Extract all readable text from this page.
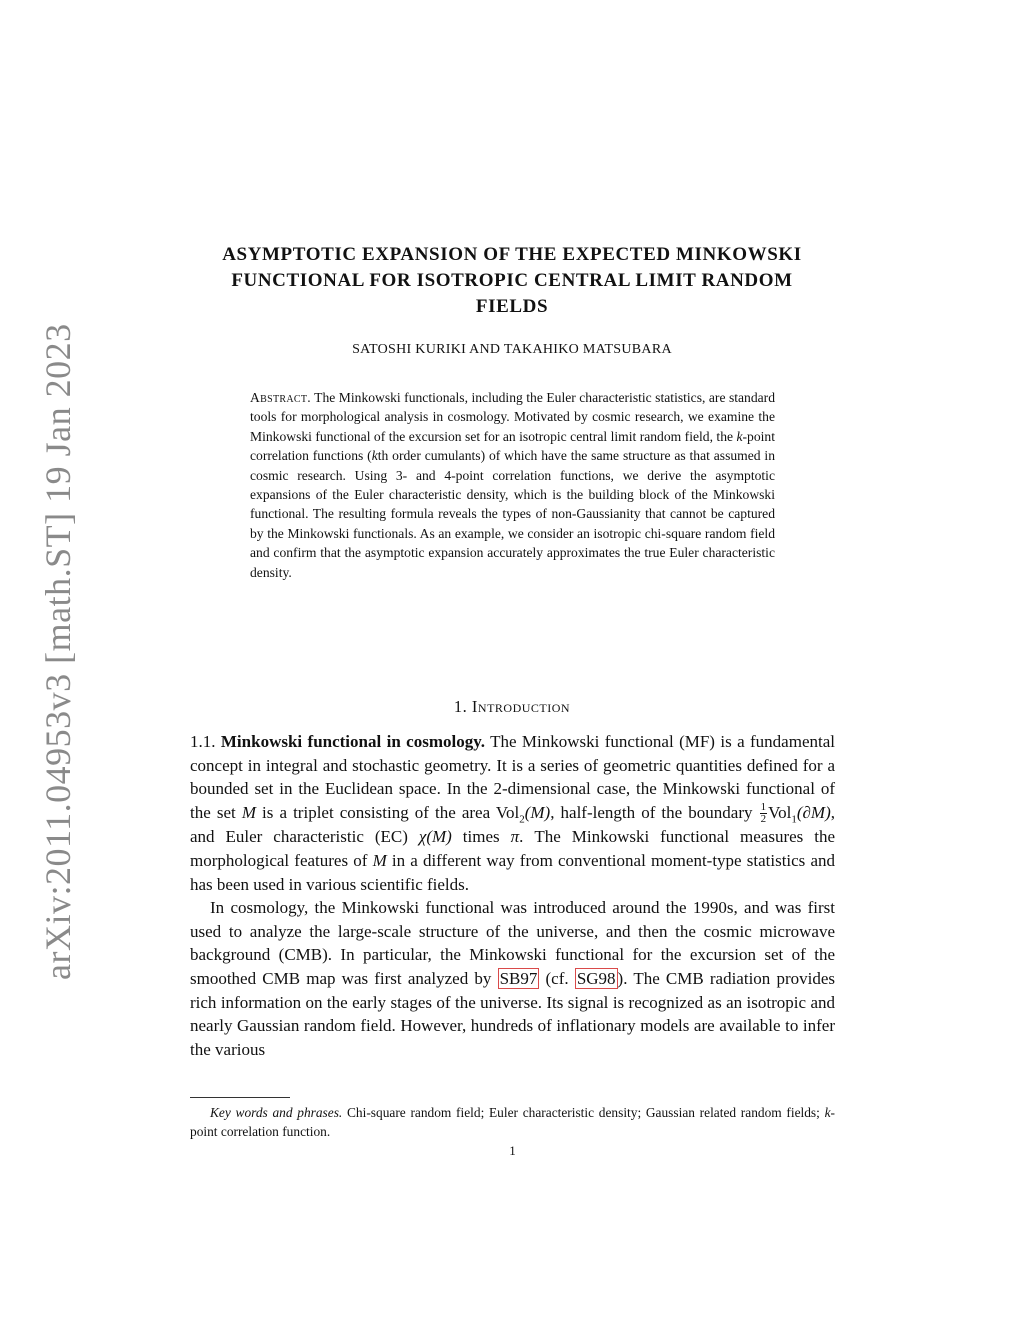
arXiv:2011.04953v3 [math.ST] 19 Jan 2023
ASYMPTOTIC EXPANSION OF THE EXPECTED MINKOWSKI
FUNCTIONAL FOR ISOTROPIC CENTRAL LIMIT RANDOM
FIELDS
SATOSHI KURIKI AND TAKAHIKO MATSUBARA
Abstract. The Minkowski functionals, including the Euler characteristic statistics, are standard tools for morphological analysis in cosmology. Motivated by cosmic research, we examine the Minkowski functional of the excursion set for an isotropic central limit random field, the k-point correlation functions (kth order cumulants) of which have the same structure as that assumed in cosmic research. Using 3- and 4-point correlation functions, we derive the asymptotic expansions of the Euler characteristic density, which is the building block of the Minkowski functional. The resulting formula reveals the types of non-Gaussianity that cannot be captured by the Minkowski functionals. As an example, we consider an isotropic chi-square random field and confirm that the asymptotic expansion accurately approximates the true Euler characteristic density.
1. Introduction

1.1. Minkowski functional in cosmology. The Minkowski functional (MF) is a fundamental concept in integral and stochastic geometry. It is a series of geometric quantities defined for a bounded set in the Euclidean space. In the 2-dimensional case, the Minkowski functional of the set M is a triplet consisting of the area Vol$_2$(M), half-length of the boundary $\frac{1}{2} Vol_1(\partial M)$, and Euler characteristic (EC) χ(M) times π. The Minkowski functional measures the morphological features of M in a different way from conventional moment-type statistics and has been used in various scientific fields.

In cosmology, the Minkowski functional was introduced around the 1990s, and was first used to analyze the large-scale structure of the universe, and then the cosmic microwave background (CMB). In particular, the Minkowski functional for the excursion set of the smoothed CMB map was first analyzed by SB97 (cf. SG98 ). The CMB radiation provides rich information on the early stages of the universe. Its signal is recognized as an isotropic and nearly Gaussian random field. However, hundreds of inflationary models are available to infer the various

Key words and phrases. Chi-square random field; Euler characteristic density; Gaussian related random fields; k-point correlation function.
1
